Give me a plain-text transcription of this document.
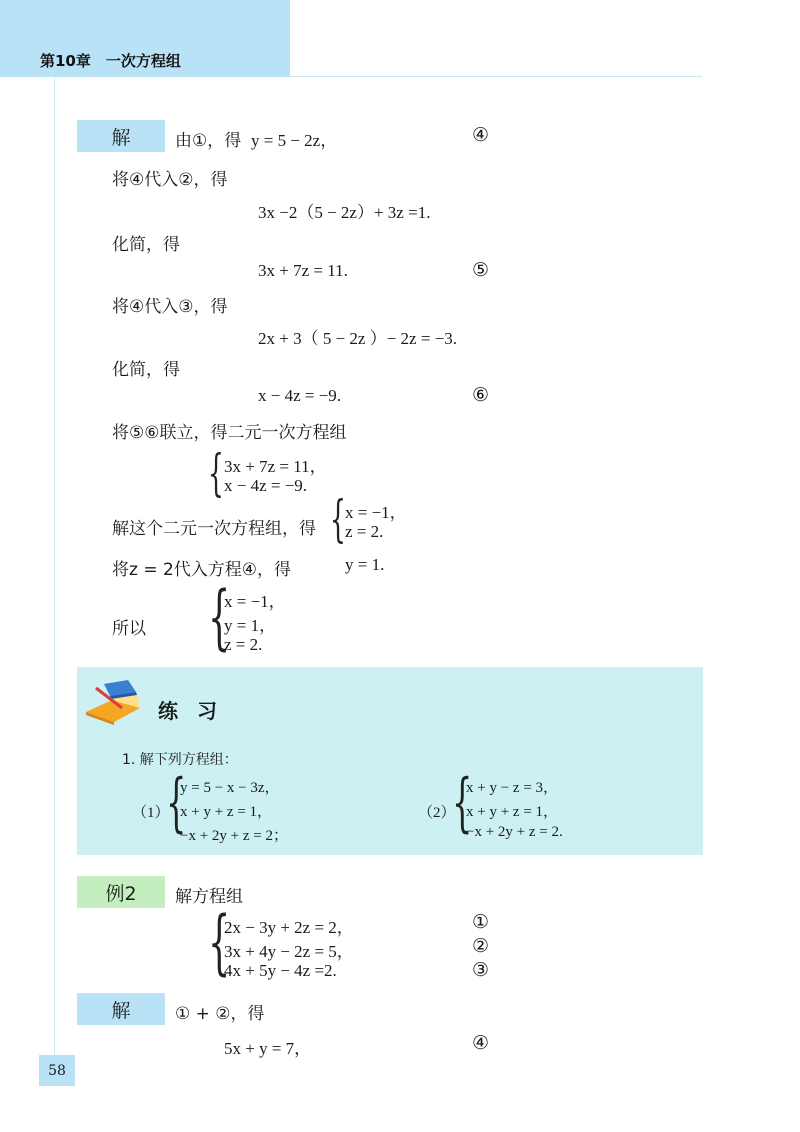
第10章　一次方程组
解	由①，得 y = 5 − 2z，	④
将④代入②，得
3x −2（5 − 2z）+ 3z =1.
化简，得
3x + 7z = 11.	⑤
将④代入③，得
2x + 3（ 5 − 2z ）− 2z = −3.
化简，得
x − 4z = −9.	⑥
将⑤⑥联立，得二元一次方程组
{ 3x + 7z = 11，
x − 4z = −9.
解这个二元一次方程组，得 { x = −1，
z = 2.
将z = 2代入方程④，得	y = 1.
所以 {
x = −1，
y = 1，
z = 2.
练 习
1. 解下列方程组：
（1）
{
y = 5 − x − 3z，
x + y + z = 1，
−x + 2y + z = 2；
（2）
{
x + y − z = 3，
x + y + z = 1，
−x + 2y + z = 2.
例2	解方程组
{
2x − 3y + 2z = 2，
3x + 4y − 2z = 5，
4x + 5y − 4z =2.
①
②
③
解	① + ②，得
5x + y = 7，	④
58
